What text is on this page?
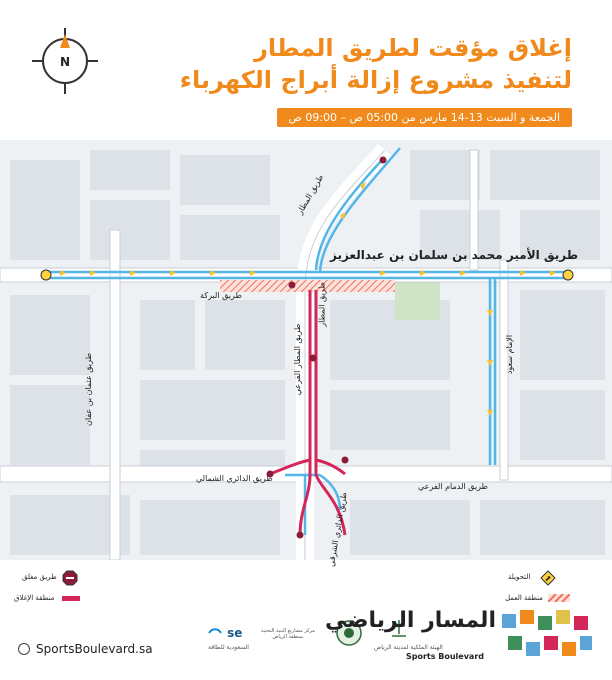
N	إغلاق مؤقت لطريق المطار
لتنفيذ مشروع إزالة أبراج الكهرباء
الجمعة و السبت 13-14 مارس من 05:00 ص – 09:00 ص
طريق المطار
طريق الأمير محمد بن سلمان بن عبدالعزيز
طريق البركة	طريق المطار
طريق المطار الفرعي
طريق عثمان بن عفان	الإمام سعود
طريق الدائري الشمالي
طريق الدمام الفرعي
طريق الدائري الشرقي
⬈
التحويلة
منطقة العمل
طريق مغلق
منطقة الإغلاق
SportsBoulevard.sa
se
السعودية للطاقة
مركز مشاريع البنية التحتية بمنطقة الرياض
الهيئة الملكية لمدينة الرياض
المسار الرياضي
Sports Boulevard
